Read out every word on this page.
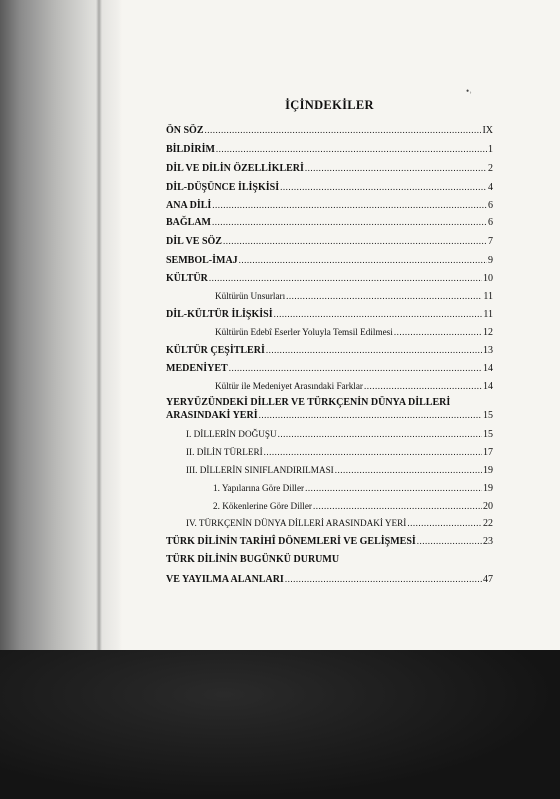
•˒
İÇİNDEKİLER
ÖN SÖZ .....	IX
BİLDİRİM .....	1
DİL VE DİLİN ÖZELLİKLERİ .....	2
DİL-DÜŞÜNCE İLİŞKİSİ .....	4
ANA DİLİ .....	6
BAĞLAM .....	6
DİL VE SÖZ .....	7
SEMBOL-İMAJ .....	9
KÜLTÜR .....	10
Kültürün Unsurları .....	11
DİL-KÜLTÜR İLİŞKİSİ .....	11
Kültürün Edebî Eserler Yoluyla Temsil Edilmesi .....	12
KÜLTÜR ÇEŞİTLERİ .....	13
MEDENİYET .....	14
Kültür ile Medeniyet Arasındaki Farklar .....	14
YERYÜZÜNDEKİ DİLLER VE TÜRKÇENİN DÜNYA DİLLERİ
ARASINDAKİ YERİ .....	15
I. DİLLERİN DOĞUŞU .....	15
II. DİLİN TÜRLERİ .....	17
III. DİLLERİN SINIFLANDIRILMASI .....	19
1. Yapılarına Göre Diller .....	19
2. Kökenlerine Göre Diller .....	20
IV. TÜRKÇENİN DÜNYA DİLLERİ ARASINDAKİ YERİ .....	22
TÜRK DİLİNİN TARİHÎ DÖNEMLERİ VE GELİŞMESİ .....	23
TÜRK DİLİNİN BUGÜNKÜ DURUMU
VE YAYILMA ALANLARI .....	47
